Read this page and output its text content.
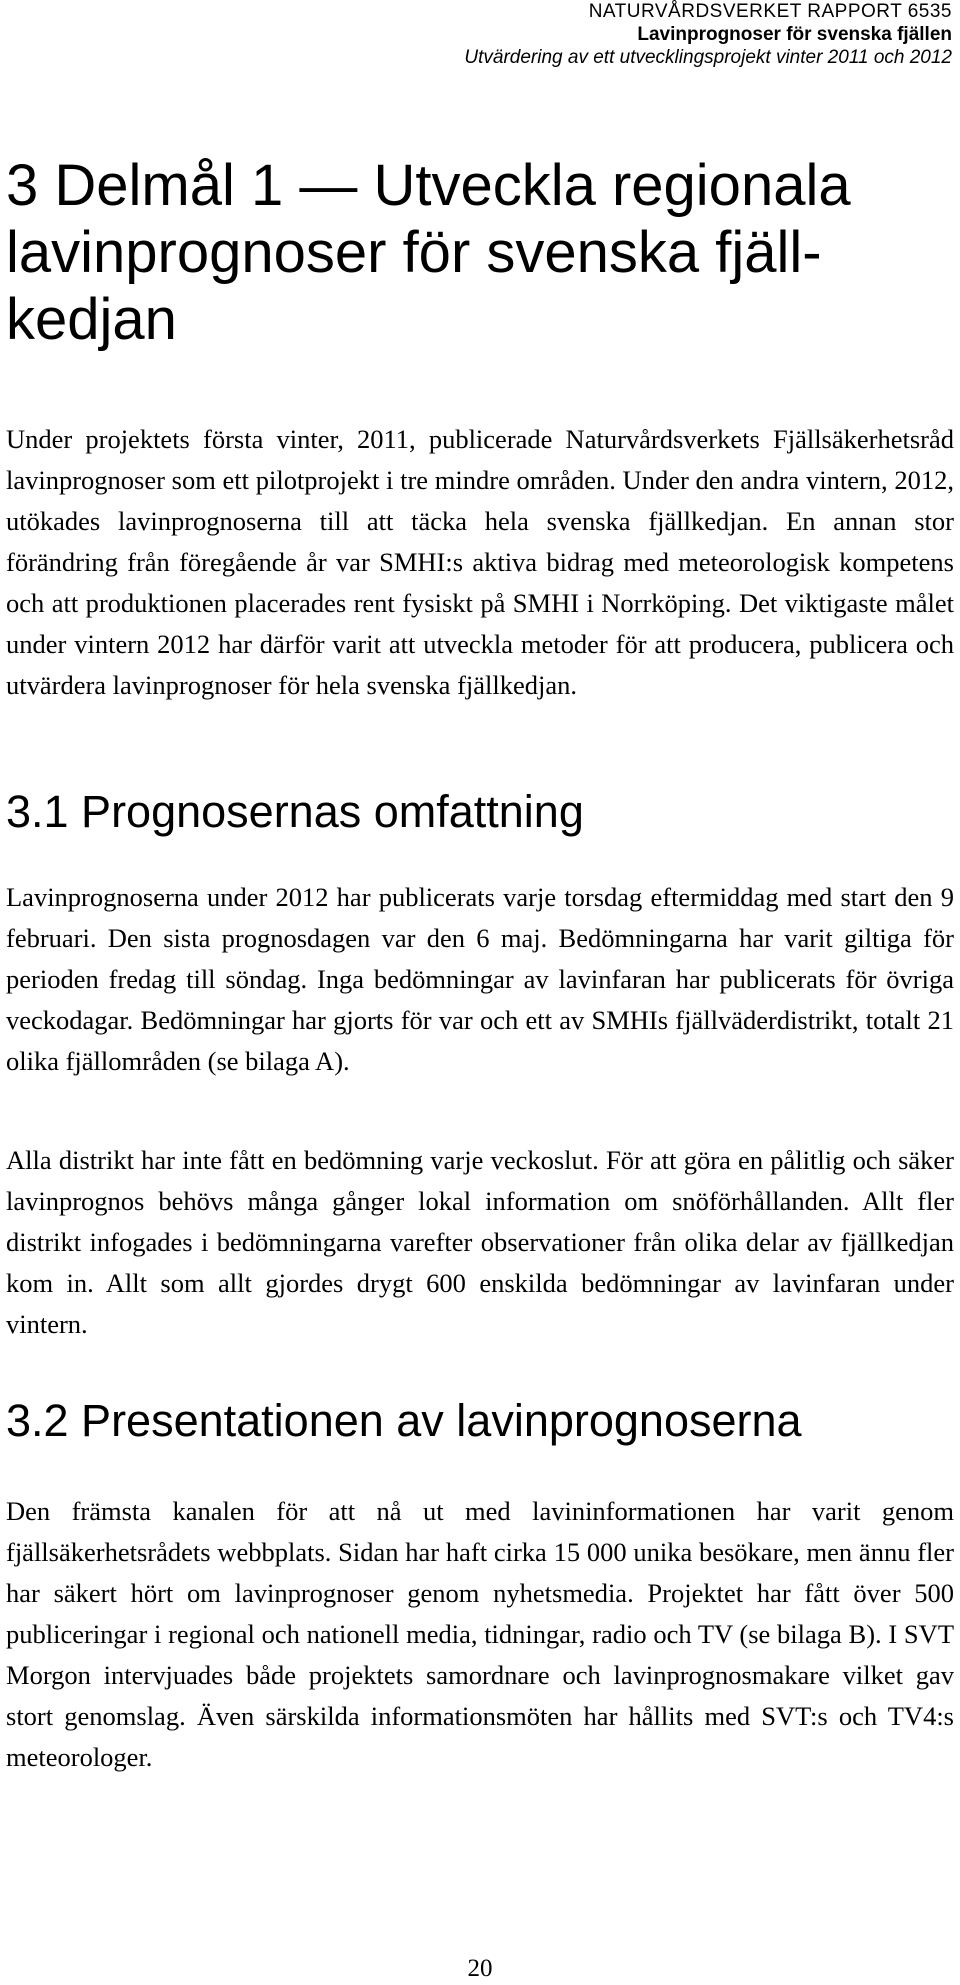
NATURVÅRDSVERKET RAPPORT 6535
Lavinprognoser för svenska fjällen
Utvärdering av ett utvecklingsprojekt vinter 2011 och 2012
3 Delmål 1 — Utveckla regionala lavinprognoser för svenska fjällkedjan

Under projektets första vinter, 2011, publicerade Naturvårdsverkets Fjällsäkerhetsråd lavinprognoser som ett pilotprojekt i tre mindre områden. Under den andra vintern, 2012, utökades lavinprognoserna till att täcka hela svenska fjällkedjan. En annan stor förändring från föregående år var SMHI:s aktiva bidrag med meteorologisk kompetens och att produktionen placerades rent fysiskt på SMHI i Norrköping. Det viktigaste målet under vintern 2012 har därför varit att utveckla metoder för att producera, publicera och utvärdera lavinprognoser för hela svenska fjällkedjan.

3.1 Prognosernas omfattning

Lavinprognoserna under 2012 har publicerats varje torsdag eftermiddag med start den 9 februari. Den sista prognosdagen var den 6 maj. Bedömningarna har varit giltiga för perioden fredag till söndag. Inga bedömningar av lavinfaran har publicerats för övriga veckodagar. Bedömningar har gjorts för var och ett av SMHIs fjällväderdistrikt, totalt 21 olika fjällområden (se bilaga A).

Alla distrikt har inte fått en bedömning varje veckoslut. För att göra en pålitlig och säker lavinprognos behövs många gånger lokal information om snöförhållanden. Allt fler distrikt infogades i bedömningarna varefter observationer från olika delar av fjällkedjan kom in. Allt som allt gjordes drygt 600 enskilda bedömningar av lavinfaran under vintern.

3.2 Presentationen av lavinprognoserna

Den främsta kanalen för att nå ut med lavininformationen har varit genom fjällsäkerhetsrådets webbplats. Sidan har haft cirka 15 000 unika besökare, men ännu fler har säkert hört om lavinprognoser genom nyhetsmedia. Projektet har fått över 500 publiceringar i regional och nationell media, tidningar, radio och TV (se bilaga B). I SVT Morgon intervjuades både projektets samordnare och lavinprognosmakare vilket gav stort genomslag. Även särskilda informationsmöten har hållits med SVT:s och TV4:s meteorologer.

20
